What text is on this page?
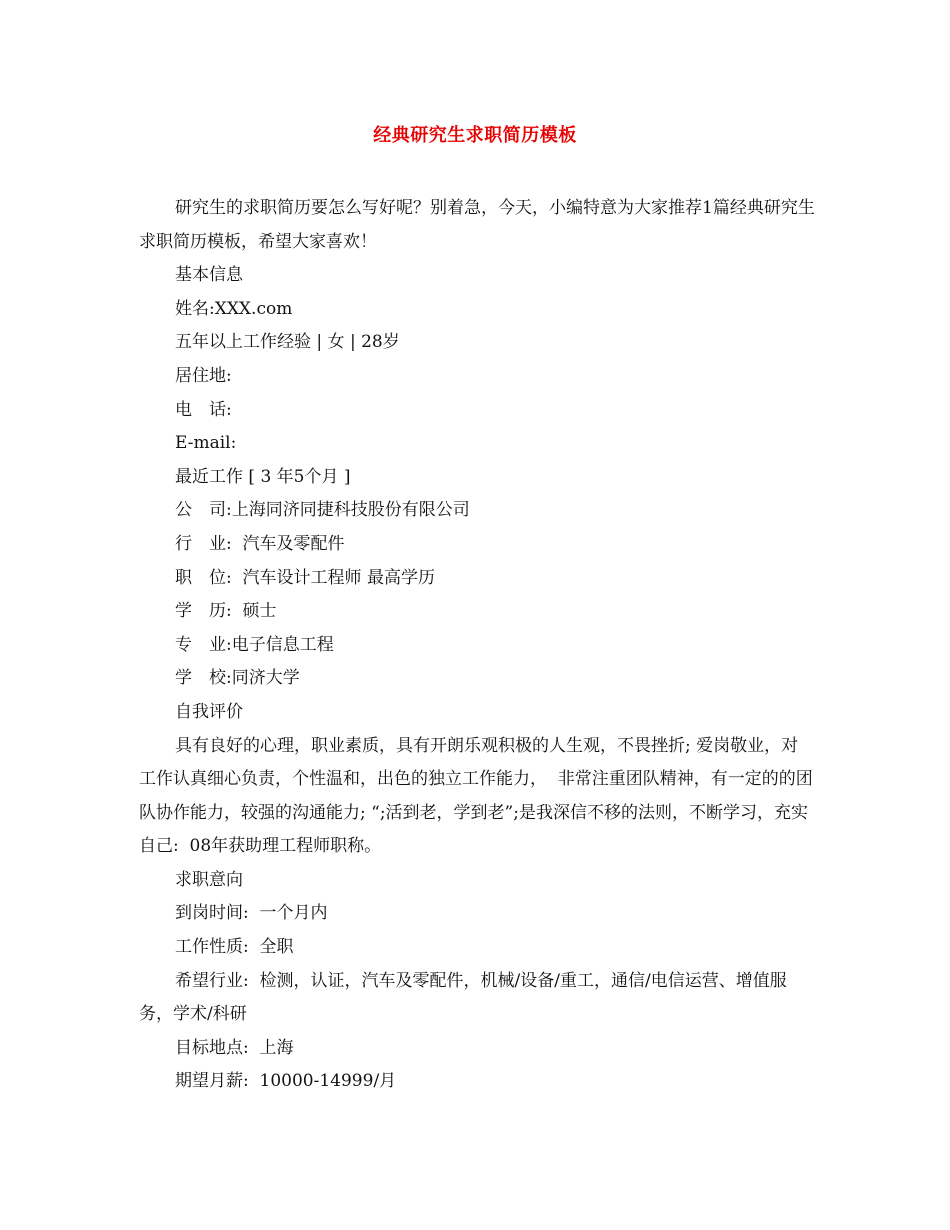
经典研究生求职简历模板

研究生的求职简历要怎么写好呢？别着急，今天，小编特意为大家推荐1篇经典研究生求职简历模板，希望大家喜欢！

基本信息

姓名:XXX.com

五年以上工作经验 | 女 | 28岁

居住地:

电　话:

E-mail:

最近工作 [ 3 年5个月 ]

公　司:上海同济同捷科技股份有限公司

行　业:  汽车及零配件

职　位:  汽车设计工程师 最高学历

学　历:  硕士

专　业:电子信息工程

学　校:同济大学

自我评价

具有良好的心理，职业素质，具有开朗乐观积极的人生观，不畏挫折; 爱岗敬业，对工作认真细心负责，个性温和，出色的独立工作能力，  非常注重团队精神，有一定的的团队协作能力，较强的沟通能力; “;活到老，学到老”;是我深信不移的法则，不断学习，充实自己:  08年获助理工程师职称。

求职意向

到岗时间:  一个月内

工作性质:  全职

希望行业:  检测，认证，汽车及零配件，机械/设备/重工，通信/电信运营、增值服务，学术/科研

目标地点:  上海

期望月薪:  10000-14999/月
